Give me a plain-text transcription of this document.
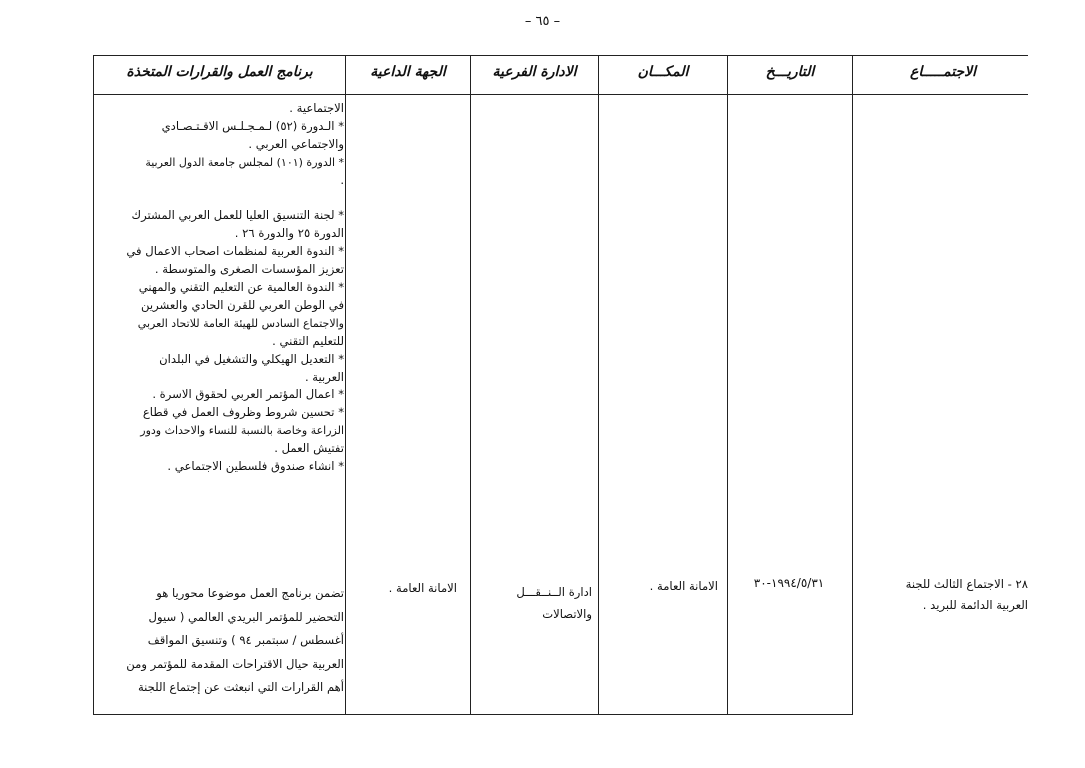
– ٦٥ –
الاجتمـــــاع
التاريـــخ
المكـــان
الادارة الفرعية
الجهة الداعية
برنامج العمل والقرارات المتخذة
الاجتماعية .
* الـدورة (٥٢) لـمـجـلـس الاقـتـصـادي
والاجتماعي العربي .
* الدورة (١٠١) لمجلس جامعة الدول العربية
.
* لجنة التنسيق العليا للعمل العربي المشترك
الدورة ٢٥ والدورة ٢٦ .
* الندوة العربية لمنظمات اصحاب الاعمال في
تعزيز المؤسسات الصغرى والمتوسطة .
* الندوة العالمية عن التعليم التقني والمهني
في الوطن العربي للقرن الحادي والعشرين
والاجتماع السادس للهيئة العامة للاتحاد العربي
للتعليم التقني .
* التعديل الهيكلي والتشغيل في البلدان
العربية .
* اعمال المؤتمر العربي لحقوق الاسرة .
* تحسين شروط وظروف العمل في قطاع
الزراعة وخاصة بالنسبة للنساء والاحداث ودور
تفتيش العمل .
* انشاء صندوق فلسطين الاجتماعي .
تضمن برنامج العمل موضوعا محوريا هو
التحضير للمؤتمر البريدي العالمي ( سيول
أغسطس / سبتمبر ٩٤ ) وتنسيق المواقف
العربية حيال الاقتراحات المقدمة للمؤتمر ومن
أهم القرارات التي انبعثت عن إجتماع اللجنة
٢٨ - الاجتماع الثالث للجنة
العربية الدائمة للبريد .
١٩٩٤/٥/٣١-٣٠
الامانة العامة .
ادارة الــنــقـــل
والاتصالات
الامانة العامة .
